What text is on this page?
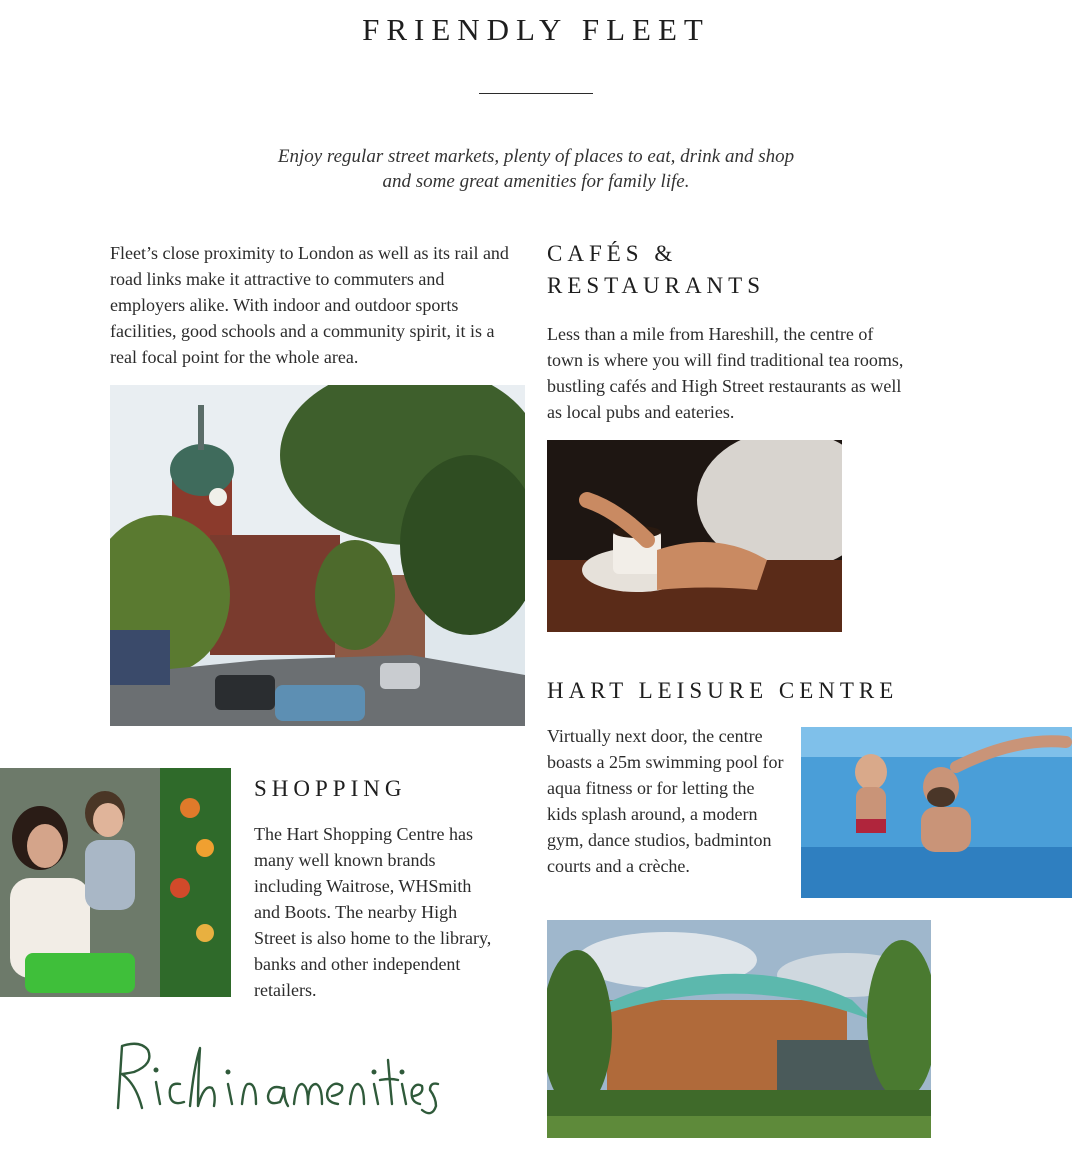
FRIENDLY FLEET
Enjoy regular street markets, plenty of places to eat, drink and shop
and some great amenities for family life.
Fleet’s close proximity to London as well as its rail and road links make it attractive to commuters and employers alike. With indoor and outdoor sports facilities, good schools and a community spirit, it is a real focal point for the whole area.
CAFÉS &
RESTAURANTS
Less than a mile from Hareshill, the centre of town is where you will find traditional tea rooms, bustling cafés and High Street restaurants as well as local pubs and eateries.
HART LEISURE CENTRE
Virtually next door, the centre boasts a 25m swimming pool for aqua fitness or for letting the kids splash around, a modern gym, dance studios, badminton courts and a crèche.
SHOPPING
The Hart Shopping Centre has many well known brands including Waitrose, WHSmith and Boots. The nearby High Street is also home to the library, banks and other independent retailers.
